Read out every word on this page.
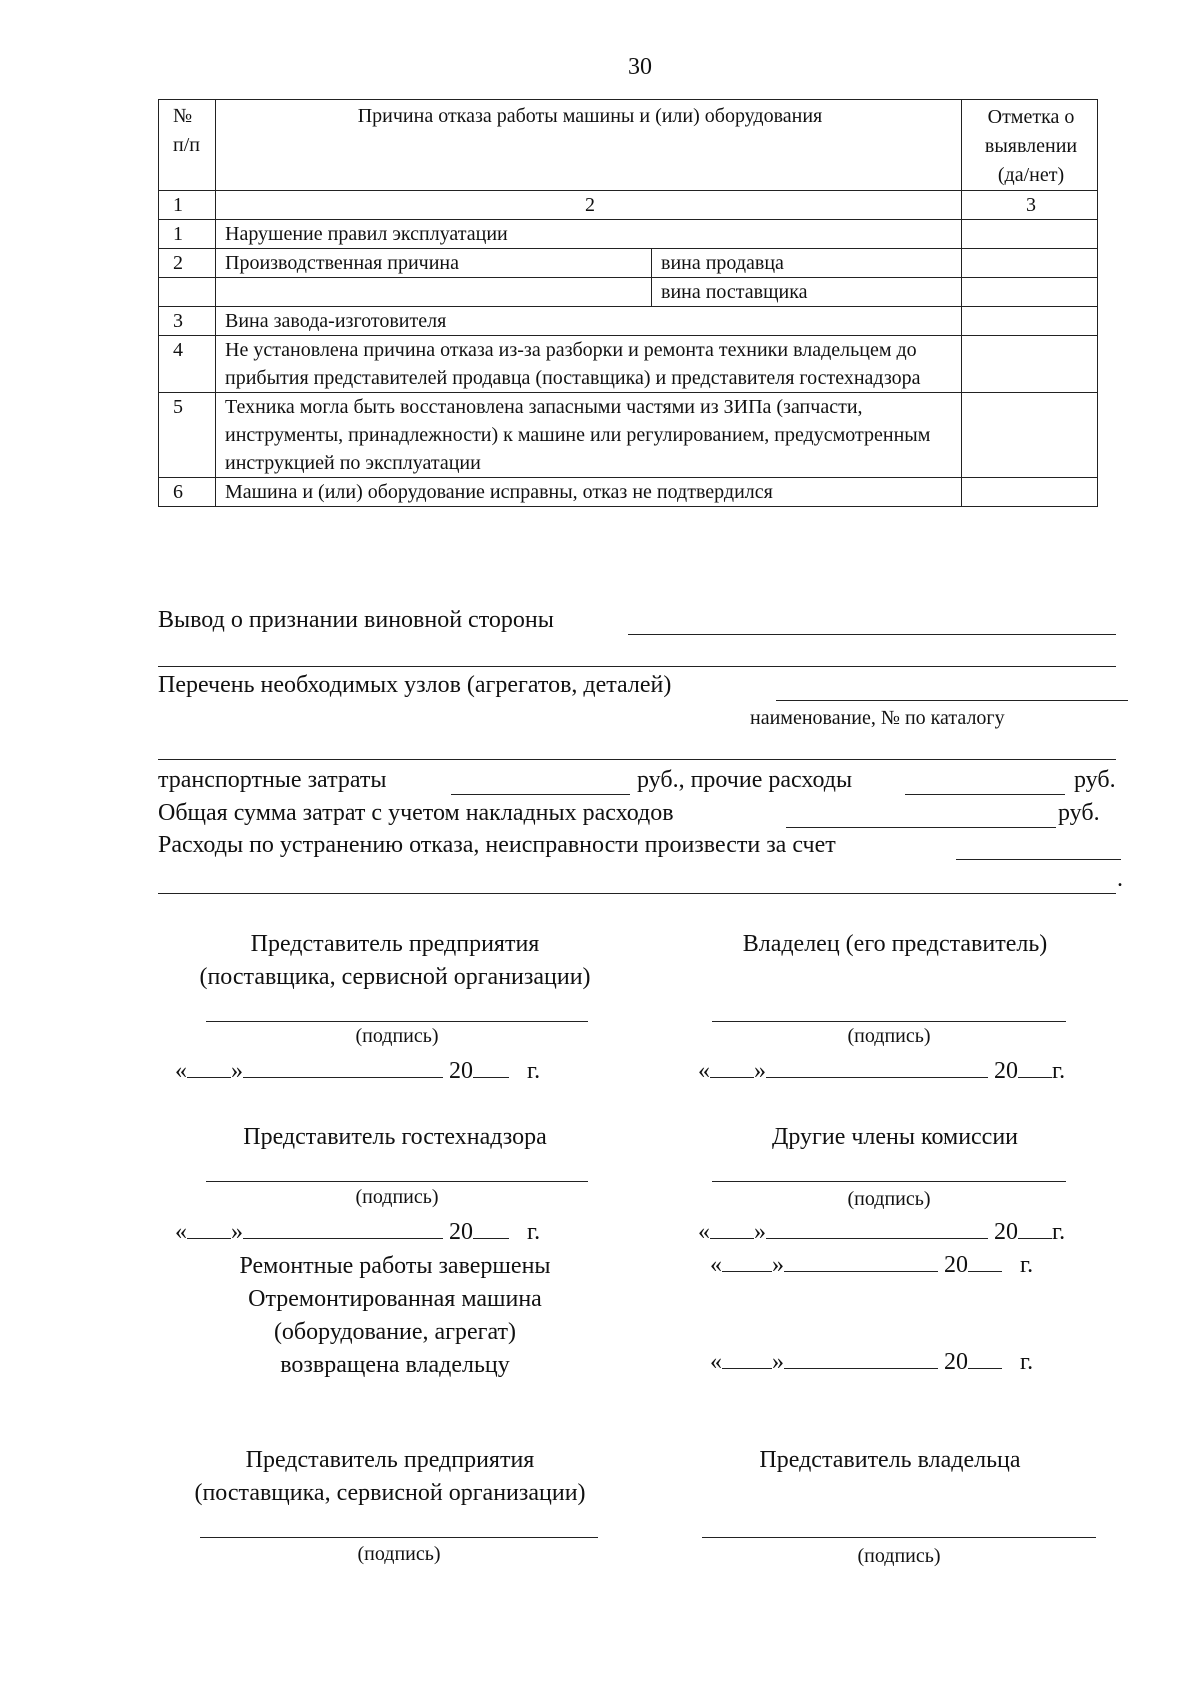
30
№ п/п	Причина отказа работы машины и (или) оборудования		Отметка о выявлении (да/нет)
1	2		3
1	Нарушение правил эксплуатации		
2	Производственная причина	вина продавца	
		вина поставщика	
3	Вина завода-изготовителя		
4	Не установлена причина отказа из-за разборки и ремонта техники владельцем до прибытия представителей продавца (поставщика) и представителя гостехнадзора		
5	Техника могла быть восстановлена запасными частями из ЗИПа (запчасти, инструменты, принадлежности) к машине или регулированием, предусмотренным инструкцией по эксплуатации		
6	Машина и (или) оборудование исправны, отказ не подтвердился		
Вывод о признании виновной стороны
Перечень необходимых узлов (агрегатов, деталей)
наименование, № по каталогу
транспортные затраты	руб., прочие расходы	руб.
Общая сумма затрат с учетом накладных расходов	руб.
Расходы по устранению отказа, неисправности произвести за счет
.
Представитель предприятия
(поставщика, сервисной организации)
Владелец (его представитель)
(подпись)	(подпись)
« »	20 г.	« »	20 г.
Представитель гостехнадзора	Другие члены комиссии
(подпись)	(подпись)
« »	20 г.	« »	20 г.
Ремонтные работы завершены
Отремонтированная машина
(оборудование, агрегат)
возвращена владельцу
« »	20 г.
« »	20 г.
Представитель предприятия
(поставщика, сервисной организации)
Представитель владельца
(подпись)	(подпись)
